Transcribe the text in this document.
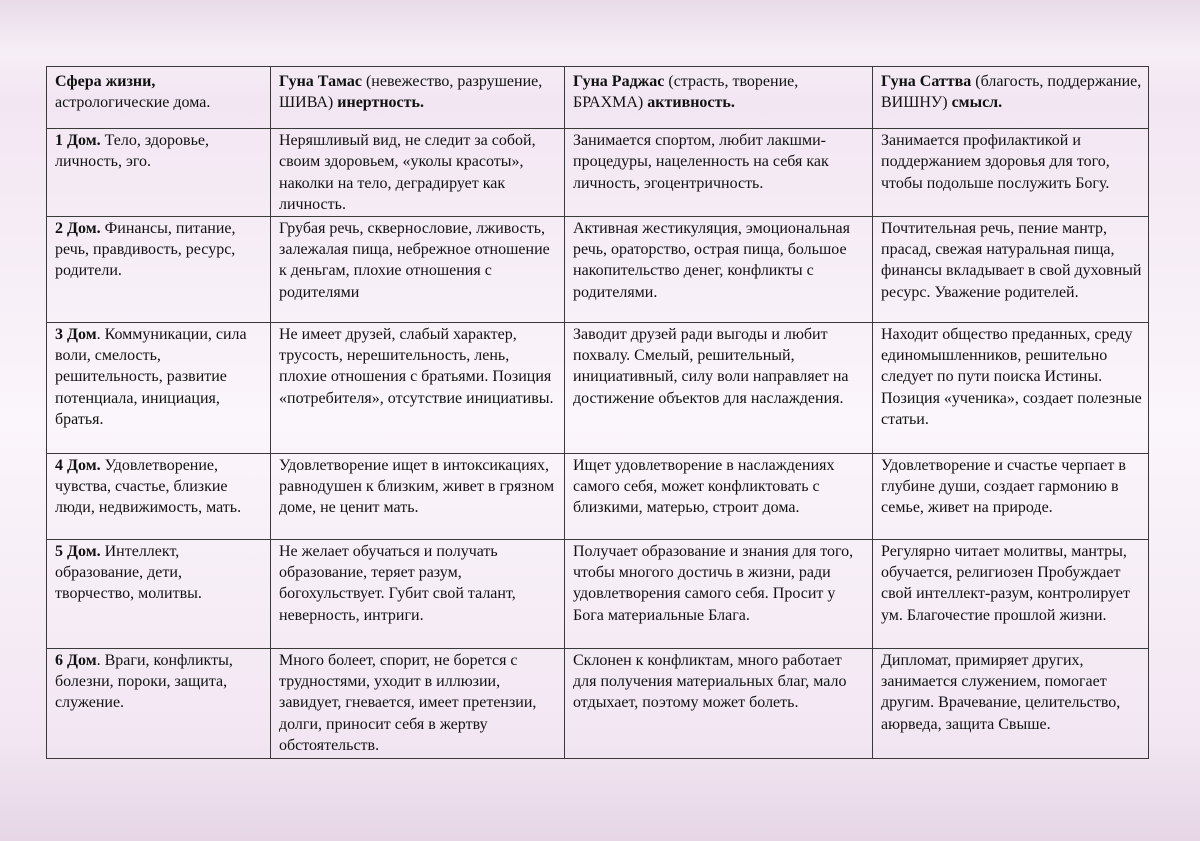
Сфера жизни, астрологические дома.	Гуна Тамас (невежество, разрушение, ШИВА) инертность.	Гуна Раджас (страсть, творение, БРАХМА) активность.	Гуна Саттва (благость, поддержание, ВИШНУ) смысл.
1 Дом. Тело, здоровье, личность, эго.	Неряшливый вид, не следит за собой, своим здоровьем, «уколы красоты», наколки на тело, деградирует как личность.	Занимается спортом, любит лакшми-процедуры, нацеленность на себя как личность, эгоцентричность.	Занимается профилактикой и поддержанием здоровья для того, чтобы подольше послужить Богу.
2 Дом. Финансы, питание, речь, правдивость, ресурс, родители.	Грубая речь, сквернословие, лживость, залежалая пища, небрежное отношение к деньгам, плохие отношения с родителями	Активная жестикуляция, эмоциональная речь, ораторство, острая пища, большое накопительство денег, конфликты с родителями.	Почтительная речь, пение мантр, прасад, свежая натуральная пища, финансы вкладывает в свой духовный ресурс. Уважение родителей.
3 Дом. Коммуникации, сила воли, смелость, решительность, развитие потенциала, инициация, братья.	Не имеет друзей, слабый характер, трусость, нерешительность, лень, плохие отношения с братьями. Позиция «потребителя», отсутствие инициативы.	Заводит друзей ради выгоды и любит похвалу. Смелый, решительный, инициативный, силу воли направляет на достижение объектов для наслаждения.	Находит общество преданных, среду единомышленников, решительно следует по пути поиска Истины. Позиция «ученика», создает полезные статьи.
4 Дом. Удовлетворение, чувства, счастье, близкие люди, недвижимость, мать.	Удовлетворение ищет в интоксикациях, равнодушен к близким, живет в грязном доме, не ценит мать.	Ищет удовлетворение в наслаждениях самого себя, может конфликтовать с близкими, матерью, строит дома.	Удовлетворение и счастье черпает в глубине души, создает гармонию в семье, живет на природе.
5 Дом. Интеллект, образование, дети, творчество, молитвы.	Не желает обучаться и получать образование, теряет разум, богохульствует. Губит свой талант, неверность, интриги.	Получает образование и знания для того, чтобы многого достичь в жизни, ради удовлетворения самого себя. Просит у Бога материальные Блага.	Регулярно читает молитвы, мантры, обучается, религиозен Пробуждает свой интеллект-разум, контролирует ум. Благочестие прошлой жизни.
6 Дом. Враги, конфликты, болезни, пороки, защита, служение.	Много болеет, спорит, не борется с трудностями, уходит в иллюзии, завидует, гневается, имеет претензии, долги, приносит себя в жертву обстоятельств.	Склонен к конфликтам, много работает для получения материальных благ, мало отдыхает, поэтому может болеть.	Дипломат, примиряет других, занимается служением, помогает другим. Врачевание, целительство, аюрведа, защита Свыше.
